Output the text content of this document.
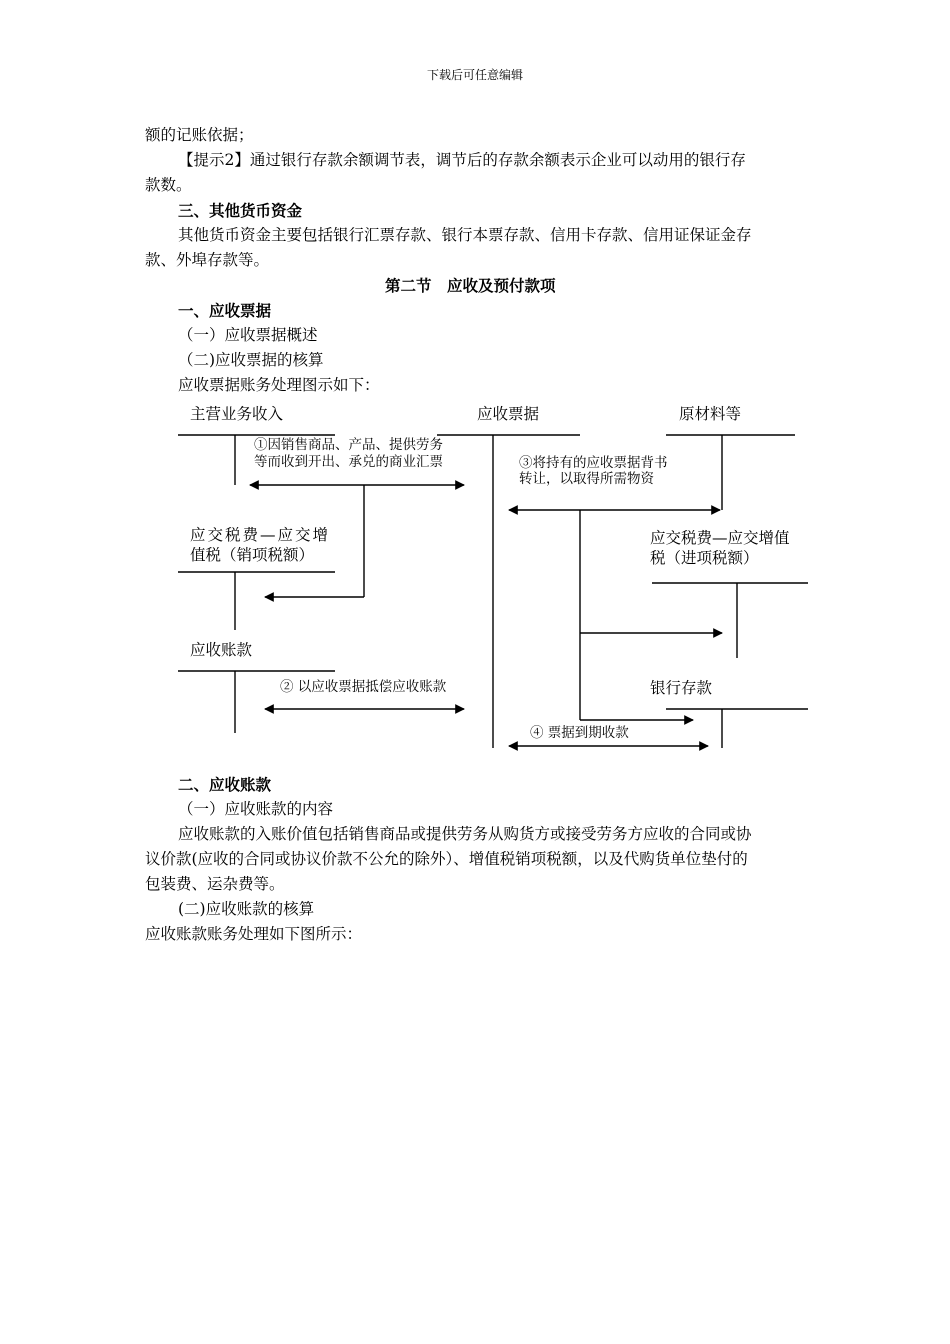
下载后可任意编辑
额的记账依据；
【提示2】通过银行存款余额调节表，调节后的存款余额表示企业可以动用的银行存
款数。
三、其他货币资金
其他货币资金主要包括银行汇票存款、银行本票存款、信用卡存款、信用证保证金存
款、外埠存款等。
第二节　应收及预付款项
一、应收票据
（一）应收票据概述
（二)应收票据的核算
应收票据账务处理图示如下：
主营业务收入	应收票据	原材料等
①因销售商品、产品、提供劳务
等而收到开出、承兑的商业汇票	③将持有的应收票据背书
转让，以取得所需物资
应交税费—应交增
值税（销项税额）
应交税费—应交增值
税（进项税额）
应收账款
② 以应收票据抵偿应收账款	银行存款
④ 票据到期收款
二、应收账款
（一）应收账款的内容
应收账款的入账价值包括销售商品或提供劳务从购货方或接受劳务方应收的合同或协
议价款(应收的合同或协议价款不公允的除外）、增值税销项税额，以及代购货单位垫付的
包装费、运杂费等。
(二)应收账款的核算
应收账款账务处理如下图所示：
